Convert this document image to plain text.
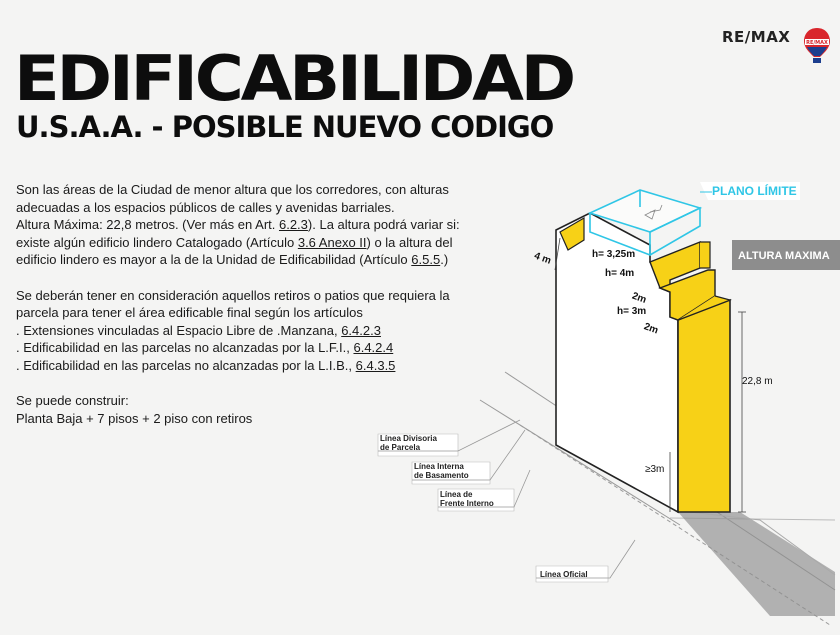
RE/MAX	RE/MAX
EDIFICABILIDAD
U.S.A.A. - POSIBLE NUEVO CODIGO

Son las áreas de la Ciudad de menor altura que los corredores, con alturas

adecuadas a los espacios públicos de calles y avenidas barriales.

Altura Máxima: 22,8 metros. (Ver más en Art. 6.2.3). La altura podrá variar si:

existe algún edificio lindero Catalogado (Artículo 3.6 Anexo II) o la altura del

edificio lindero es mayor a la de la Unidad de Edificabilidad (Artículo 6.5.5.)

Se deberán tener en consideración aquellos retiros o patios que requiera la

parcela para tener el área edificable final según los artículos

. Extensiones vinculadas al Espacio Libre de .Manzana, 6.4.2.3

. Edificabilidad en las parcelas no alcanzadas por la L.F.I., 6.4.2.4

. Edificabilidad en las parcelas no alcanzadas por la L.I.B., 6.4.3.5

Se puede construir:

Planta Baja + 7 pisos + 2 piso con retiros

PLANO LÍMITE
ALTURA MAXIMA
4 m	h= 3,25m
h= 4m
2m
h= 3m
2m
22,8 m
≥3m
Línea Divisoria
de Parcela
Línea Interna
de Basamento
Línea de
Frente Interno
Línea Oficial
